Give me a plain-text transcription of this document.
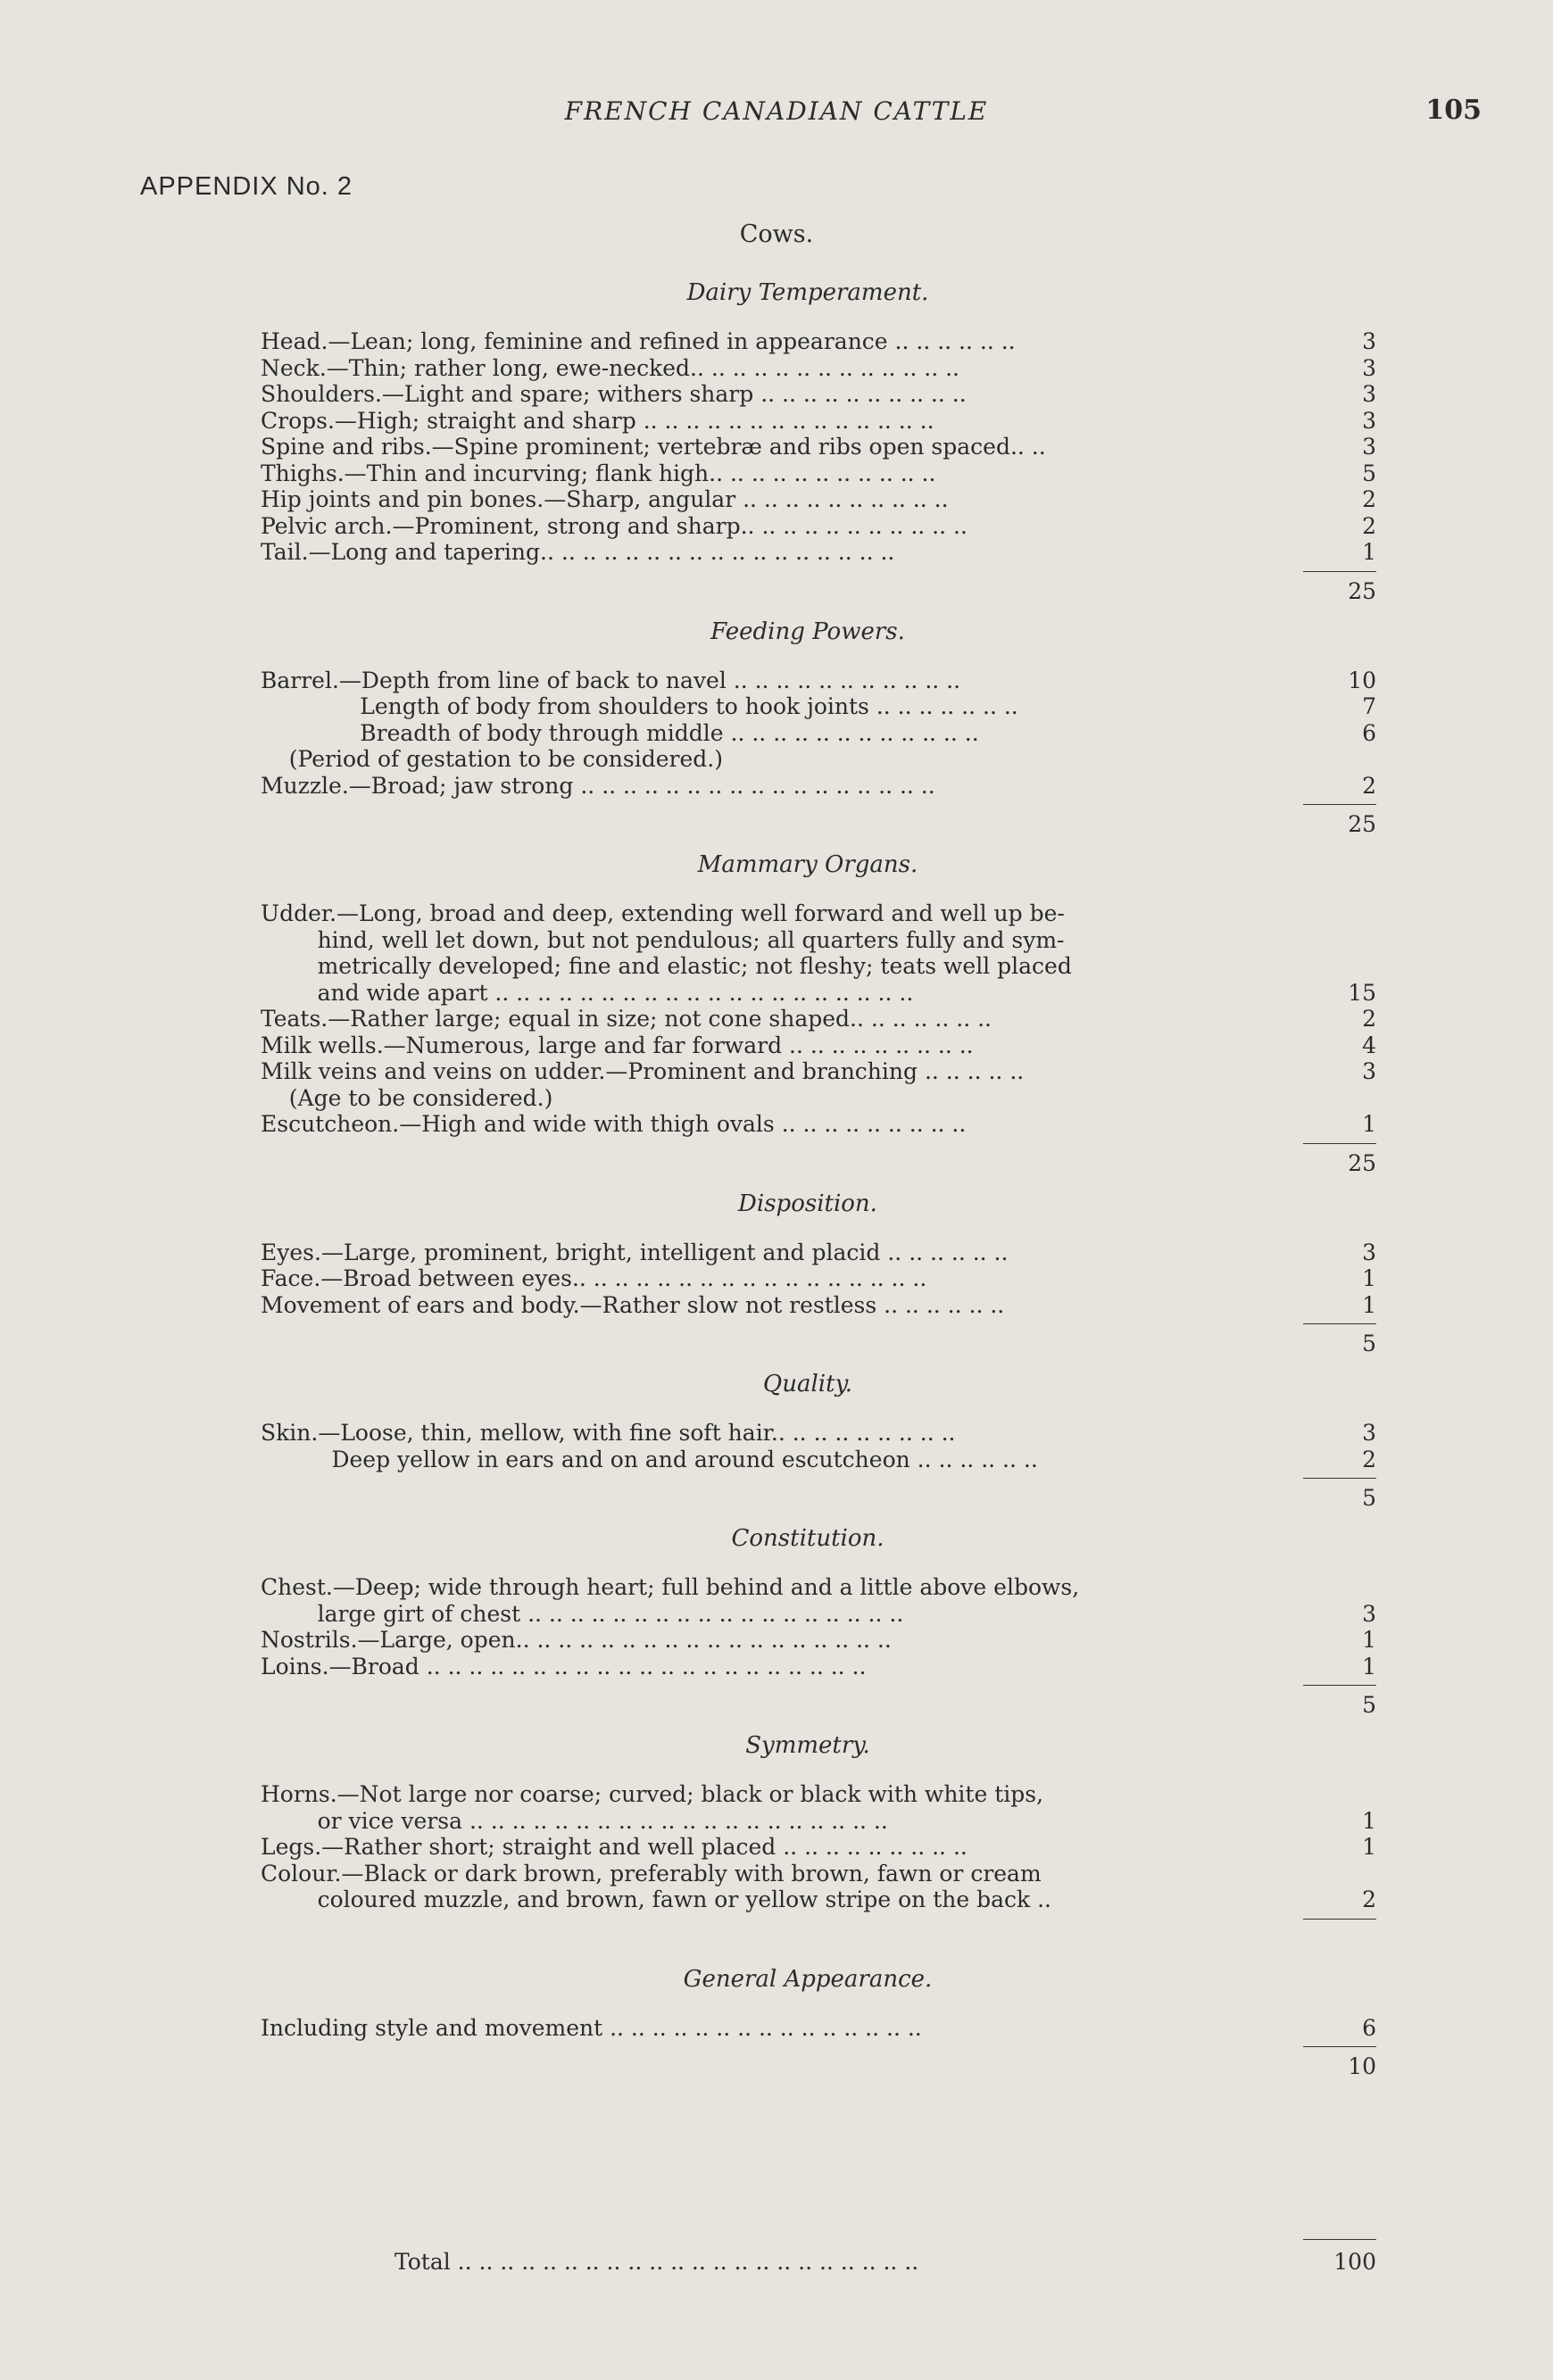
FRENCH CANADIAN CATTLE	105
APPENDIX No. 2
Cows.
Dairy Temperament.
Head.—Lean; long, feminine and refined in appearance .. .. .. .. .. ..	3
Neck.—Thin; rather long, ewe-necked.. .. .. .. .. .. .. .. .. .. .. .. ..	3
Shoulders.—Light and spare; withers sharp .. .. .. .. .. .. .. .. .. ..	3
Crops.—High; straight and sharp .. .. .. .. .. .. .. .. .. .. .. .. .. ..	3
Spine and ribs.—Spine prominent; vertebræ and ribs open spaced.. ..	3
Thighs.—Thin and incurving; flank high.. .. .. .. .. .. .. .. .. .. ..	5
Hip joints and pin bones.—Sharp, angular .. .. .. .. .. .. .. .. .. ..	2
Pelvic arch.—Prominent, strong and sharp.. .. .. .. .. .. .. .. .. .. ..	2
Tail.—Long and tapering.. .. .. .. .. .. .. .. .. .. .. .. .. .. .. .. ..	1
25
Feeding Powers.
Barrel.—Depth from line of back to navel .. .. .. .. .. .. .. .. .. .. ..	10
Length of body from shoulders to hook joints .. .. .. .. .. .. ..	7
Breadth of body through middle .. .. .. .. .. .. .. .. .. .. .. ..	6
(Period of gestation to be considered.)
Muzzle.—Broad; jaw strong .. .. .. .. .. .. .. .. .. .. .. .. .. .. .. .. ..	2
25
Mammary Organs.
Udder.—Long, broad and deep, extending well forward and well up be-
hind, well let down, but not pendulous; all quarters fully and sym-
metrically developed; fine and elastic; not fleshy; teats well placed
and wide apart .. .. .. .. .. .. .. .. .. .. .. .. .. .. .. .. .. .. .. ..	15
Teats.—Rather large; equal in size; not cone shaped.. .. .. .. .. .. ..	2
Milk wells.—Numerous, large and far forward .. .. .. .. .. .. .. .. ..	4
Milk veins and veins on udder.—Prominent and branching .. .. .. .. ..	3
(Age to be considered.)
Escutcheon.—High and wide with thigh ovals .. .. .. .. .. .. .. .. ..	1
25
Disposition.
Eyes.—Large, prominent, bright, intelligent and placid .. .. .. .. .. ..	3
Face.—Broad between eyes.. .. .. .. .. .. .. .. .. .. .. .. .. .. .. .. ..	1
Movement of ears and body.—Rather slow not restless .. .. .. .. .. ..	1
5
Quality.
Skin.—Loose, thin, mellow, with fine soft hair.. .. .. .. .. .. .. .. ..	3
Deep yellow in ears and on and around escutcheon .. .. .. .. .. ..	2
5
Constitution.
Chest.—Deep; wide through heart; full behind and a little above elbows,
large girt of chest .. .. .. .. .. .. .. .. .. .. .. .. .. .. .. .. .. ..	3
Nostrils.—Large, open.. .. .. .. .. .. .. .. .. .. .. .. .. .. .. .. .. ..	1
Loins.—Broad .. .. .. .. .. .. .. .. .. .. .. .. .. .. .. .. .. .. .. .. ..	1
5
Symmetry.
Horns.—Not large nor coarse; curved; black or black with white tips,
or vice versa .. .. .. .. .. .. .. .. .. .. .. .. .. .. .. .. .. .. .. ..	1
Legs.—Rather short; straight and well placed .. .. .. .. .. .. .. .. ..	1
Colour.—Black or dark brown, preferably with brown, fawn or cream
coloured muzzle, and brown, fawn or yellow stripe on the back ..	2
General Appearance.
Including style and movement .. .. .. .. .. .. .. .. .. .. .. .. .. .. ..	6
10
Total .. .. .. .. .. .. .. .. .. .. .. .. .. .. .. .. .. .. .. .. .. ..	100
